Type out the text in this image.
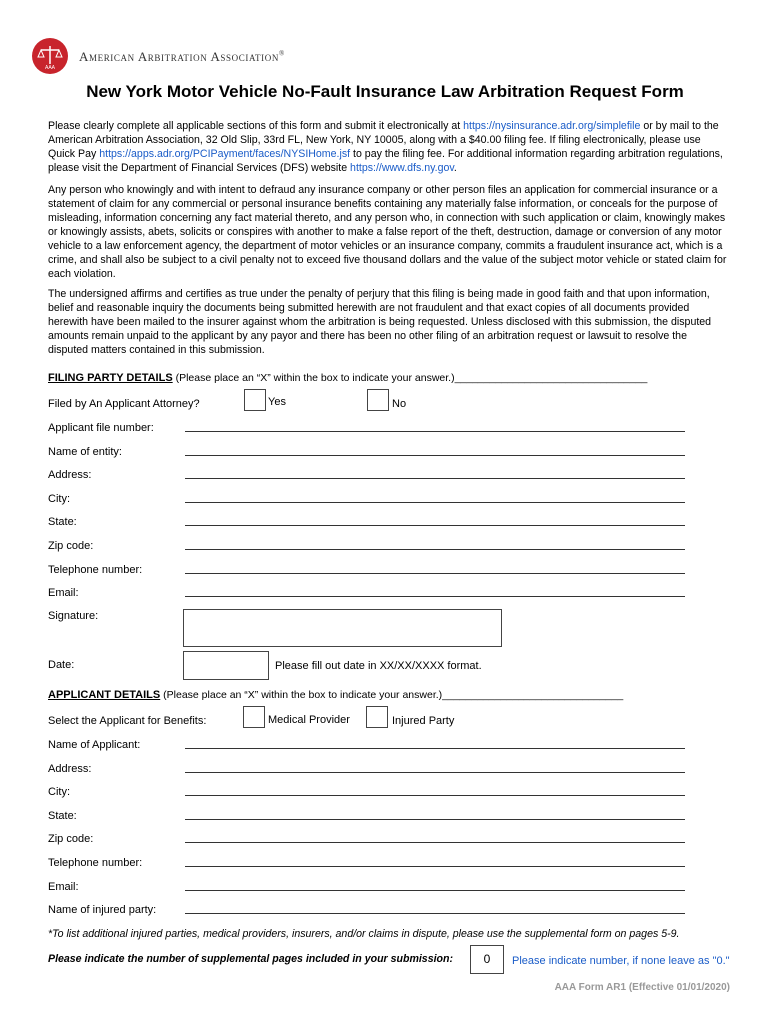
AAA
American Arbitration Association®
New York Motor Vehicle No-Fault Insurance Law Arbitration Request Form
Please clearly complete all applicable sections of this form and submit it electronically at https://nysinsurance.adr.org/simplefile or by mail to the American Arbitration Association, 32 Old Slip, 33rd FL, New York, NY 10005, along with a $40.00 filing fee. If filing electronically, please use Quick Pay https://apps.adr.org/PCIPayment/faces/NYSIHome.jsf to pay the filing fee. For additional information regarding arbitration regulations, please visit the Department of Financial Services (DFS) website https://www.dfs.ny.gov.
Any person who knowingly and with intent to defraud any insurance company or other person files an application for commercial insurance or a statement of claim for any commercial or personal insurance benefits containing any materially false information, or conceals for the purpose of misleading, information concerning any fact material thereto, and any person who, in connection with such application or claim, knowingly makes or knowingly assists, abets, solicits or conspires with another to make a false report of the theft, destruction, damage or conversion of any motor vehicle to a law enforcement agency, the department of motor vehicles or an insurance company, commits a fraudulent insurance act, which is a crime, and shall also be subject to a civil penalty not to exceed five thousand dollars and the value of the subject motor vehicle or stated claim for each violation.
The undersigned affirms and certifies as true under the penalty of perjury that this filing is being made in good faith and that upon information, belief and reasonable inquiry the documents being submitted herewith are not fraudulent and that exact copies of all documents provided herewith have been mailed to the insurer against whom the arbitration is being requested. Unless disclosed with this submission, the disputed amounts remain unpaid to the applicant by any payor and there has been no other filing of an arbitration request or lawsuit to resolve the disputed matters contained in this submission.
FILING PARTY DETAILS (Please place an “X” within the box to indicate your answer.)_________________________________
Filed by An Applicant Attorney?	Yes	No
Applicant file number:
Name of entity:
Address:
City:
State:
Zip code:
Telephone number:
Email:
Signature:
Date:	Please fill out date in XX/XX/XXXX format.
APPLICANT DETAILS (Please place an “X” within the box to indicate your answer.)_______________________________
Select the Applicant for Benefits:	Medical Provider	Injured Party
Name of Applicant:
Address:
City:
State:
Zip code:
Telephone number:
Email:
Name of injured party:
*To list additional injured parties, medical providers, insurers, and/or claims in dispute, please use the supplemental form on pages 5-9.
Please indicate the number of supplemental pages included in your submission:	0	Please indicate number, if none leave as "0."
AAA Form AR1 (Effective 01/01/2020)
